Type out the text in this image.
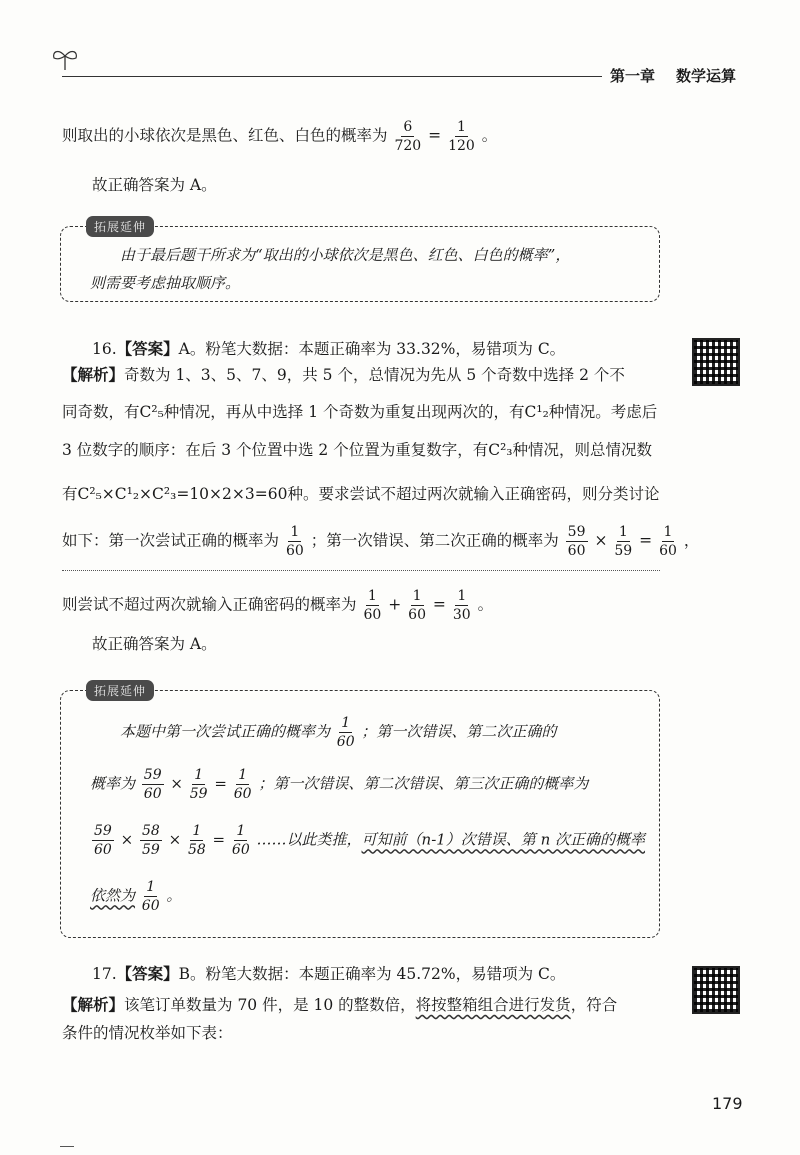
第一章 数学运算
则取出的小球依次是黑色、红色、白色的概率为 $\frac{6}{720} = \frac{1}{120}$ 。
故正确答案为 A。
拓展延伸
由于最后题干所求为“取出的小球依次是黑色、红色、白色的概率”，
则需要考虑抽取顺序。
16.【答案】A。粉笔大数据：本题正确率为 33.32%，易错项为 C。
【解析】奇数为 1、3、5、7、9，共 5 个，总情况为先从 5 个奇数中选择 2 个不
同奇数，有C²₅种情况，再从中选择 1 个奇数为重复出现两次的，有C¹₂种情况。考虑后
3 位数字的顺序：在后 3 个位置中选 2 个位置为重复数字，有C²₃种情况，则总情况数
有C²₅×C¹₂×C²₃=10×2×3=60种。要求尝试不超过两次就输入正确密码，则分类讨论
如下：第一次尝试正确的概率为 $\frac{1}{60}$ ；第一次错误、第二次正确的概率为 $\frac{59}{60} \times \frac{1}{59} = \frac{1}{60}$ ，
则尝试不超过两次就输入正确密码的概率为 $\frac{1}{60} + \frac{1}{60} = \frac{1}{30}$ 。
故正确答案为 A。
拓展延伸
本题中第一次尝试正确的概率为 $\frac{1}{60}$ ；第一次错误、第二次正确的
概率为 $\frac{59}{60} \times \frac{1}{59} = \frac{1}{60}$ ；第一次错误、第二次错误、第三次正确的概率为
$\frac{59}{60} \times \frac{58}{59} \times \frac{1}{58} = \frac{1}{60}$ ……以此类推，可知前（n-1）次错误、第 n 次正确的概率
依然为 $\frac{1}{60}$ 。
17.【答案】B。粉笔大数据：本题正确率为 45.72%，易错项为 C。
【解析】该笔订单数量为 70 件，是 10 的整数倍，将按整箱组合进行发货，符合
条件的情况枚举如下表：
179
